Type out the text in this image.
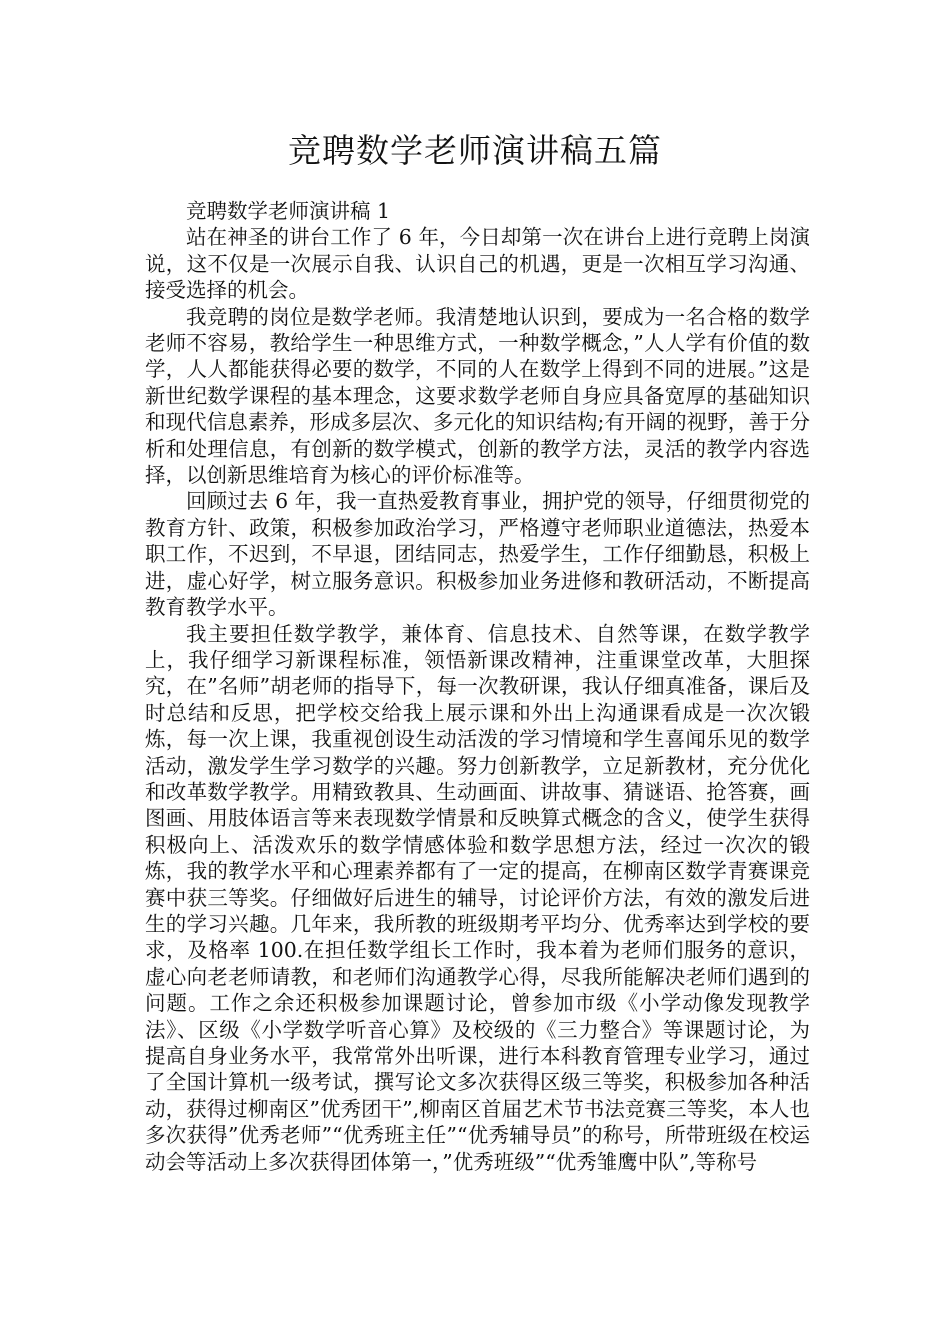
竞聘数学老师演讲稿五篇

竞聘数学老师演讲稿 1

站在神圣的讲台工作了 6 年，今日却第一次在讲台上进行竞聘上岗演说，这不仅是一次展示自我、认识自己的机遇，更是一次相互学习沟通、接受选择的机会。

我竞聘的岗位是数学老师。我清楚地认识到，要成为一名合格的数学老师不容易，教给学生一种思维方式，一种数学概念，”人人学有价值的数学，人人都能获得必要的数学，不同的人在数学上得到不同的进展。”这是新世纪数学课程的基本理念，这要求数学老师自身应具备宽厚的基础知识和现代信息素养，形成多层次、多元化的知识结构;有开阔的视野，善于分析和处理信息，有创新的数学模式，创新的教学方法，灵活的教学内容选择，以创新思维培育为核心的评价标准等。

回顾过去 6 年，我一直热爱教育事业，拥护党的领导，仔细贯彻党的教育方针、政策，积极参加政治学习，严格遵守老师职业道德法，热爱本职工作，不迟到，不早退，团结同志，热爱学生，工作仔细勤恳，积极上进，虚心好学，树立服务意识。积极参加业务进修和教研活动，不断提高教育教学水平。

我主要担任数学教学，兼体育、信息技术、自然等课，在数学教学上，我仔细学习新课程标准，领悟新课改精神，注重课堂改革，大胆探究，在”名师”胡老师的指导下，每一次教研课，我认仔细真准备，课后及时总结和反思，把学校交给我上展示课和外出上沟通课看成是一次次锻炼，每一次上课，我重视创设生动活泼的学习情境和学生喜闻乐见的数学活动，激发学生学习数学的兴趣。努力创新教学，立足新教材，充分优化和改革数学教学。用精致教具、生动画面、讲故事、猜谜语、抢答赛，画图画、用肢体语言等来表现数学情景和反映算式概念的含义，使学生获得积极向上、活泼欢乐的数学情感体验和数学思想方法，经过一次次的锻炼，我的教学水平和心理素养都有了一定的提高，在柳南区数学青赛课竞赛中获三等奖。仔细做好后进生的辅导，讨论评价方法，有效的激发后进生的学习兴趣。几年来，我所教的班级期考平均分、优秀率达到学校的要求，及格率 100.在担任数学组长工作时，我本着为老师们服务的意识，虚心向老老师请教，和老师们沟通教学心得，尽我所能解决老师们遇到的问题。工作之余还积极参加课题讨论，曾参加市级《小学动像发现教学法》、区级《小学数学听音心算》及校级的《三力整合》等课题讨论，为提高自身业务水平，我常常外出听课，进行本科教育管理专业学习，通过了全国计算机一级考试，撰写论文多次获得区级三等奖，积极参加各种活动，获得过柳南区”优秀团干”,柳南区首届艺术节书法竞赛三等奖，本人也多次获得”优秀老师”“优秀班主任”“优秀辅导员”的称号，所带班级在校运动会等活动上多次获得团体第一，”优秀班级”“优秀雏鹰中队”,等称号
